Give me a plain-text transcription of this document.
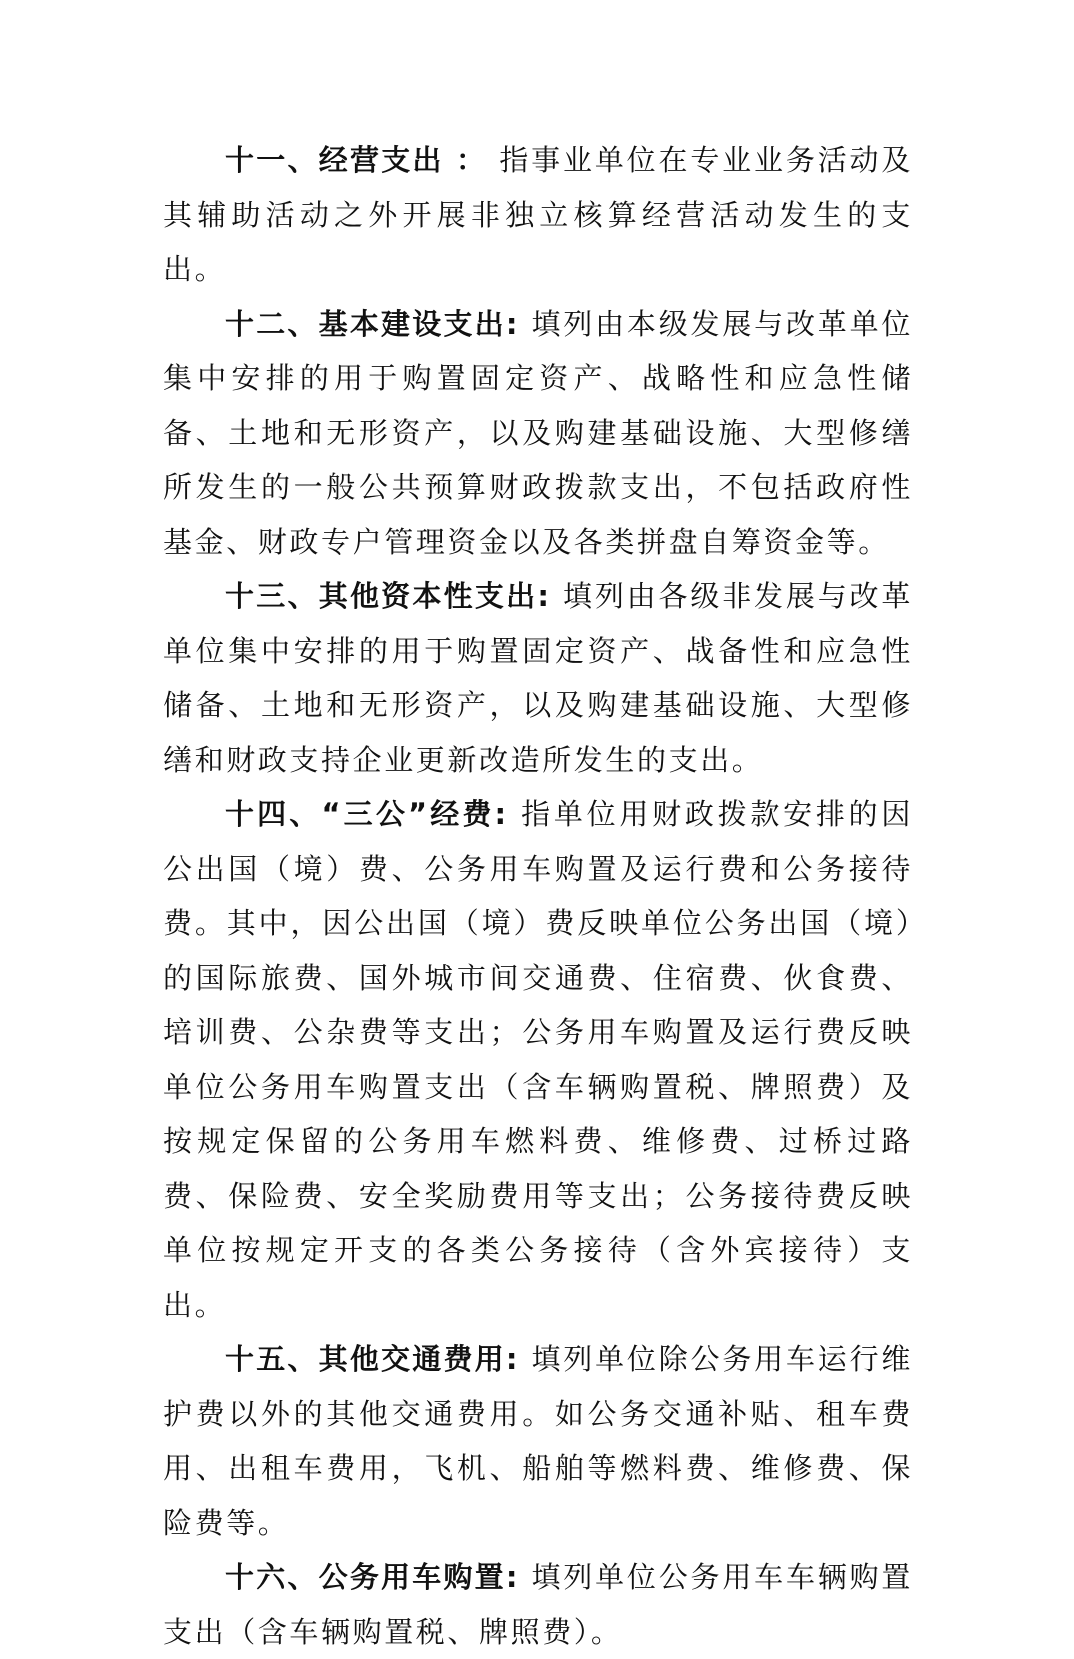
十一、经营支出 ： 指事业单位在专业业务活动及其辅助活动之外开展非独立核算经营活动发生的支出。

十二、基本建设支出: 填列由本级发展与改革单位集中安排的用于购置固定资产、战略性和应急性储备、土地和无形资产，以及购建基础设施、大型修缮所发生的一般公共预算财政拨款支出，不包括政府性基金、财政专户管理资金以及各类拼盘自筹资金等。

十三、其他资本性支出: 填列由各级非发展与改革单位集中安排的用于购置固定资产、战备性和应急性储备、土地和无形资产，以及购建基础设施、大型修缮和财政支持企业更新改造所发生的支出。

十四、“三公”经费: 指单位用财政拨款安排的因公出国（境）费、公务用车购置及运行费和公务接待费。其中，因公出国（境）费反映单位公务出国（境）的国际旅费、国外城市间交通费、住宿费、伙食费、培训费、公杂费等支出；公务用车购置及运行费反映单位公务用车购置支出（含车辆购置税、牌照费）及按规定保留的公务用车燃料费、维修费、过桥过路费、保险费、安全奖励费用等支出；公务接待费反映单位按规定开支的各类公务接待（含外宾接待）支出。

十五、其他交通费用: 填列单位除公务用车运行维护费以外的其他交通费用。如公务交通补贴、租车费用、出租车费用，飞机、船舶等燃料费、维修费、保险费等。

十六、公务用车购置: 填列单位公务用车车辆购置支出（含车辆购置税、牌照费）。
